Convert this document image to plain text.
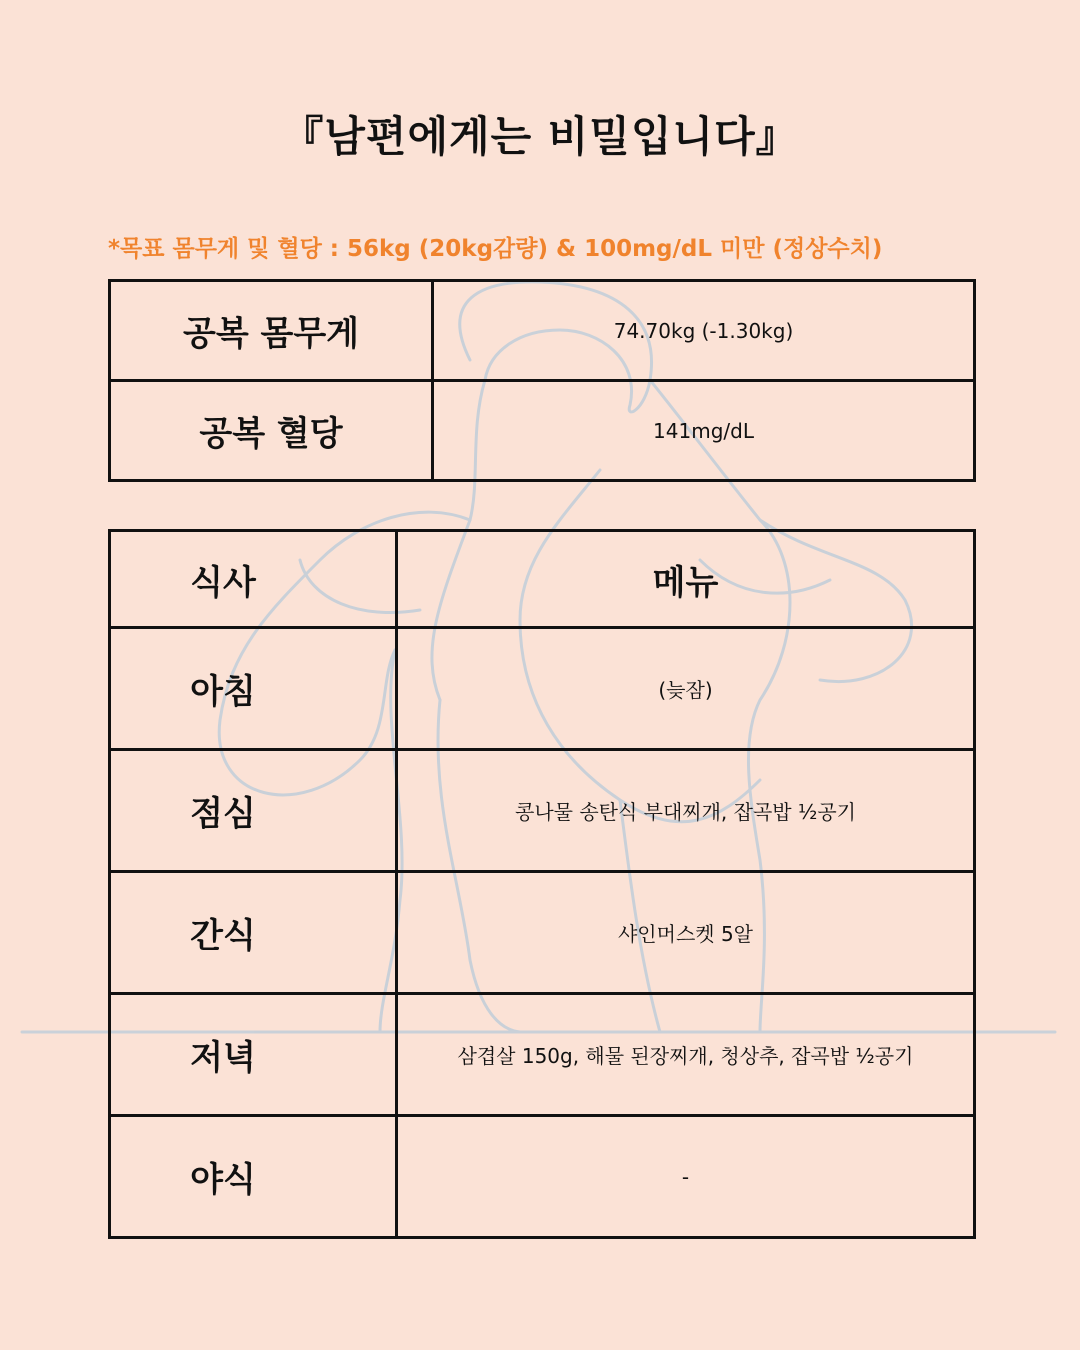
『남편에게는 비밀입니다』
*목표 몸무게 및 혈당 : 56kg (20kg감량) & 100mg/dL 미만 (정상수치)
공복 몸무게	74.70kg (-1.30kg)
공복 혈당	141mg/dL
식사	메뉴
아침	(늦잠)
점심	콩나물 송탄식 부대찌개, 잡곡밥 ½공기
간식	샤인머스켓 5알
저녁	삼겹살 150g, 해물 된장찌개, 청상추, 잡곡밥 ½공기
야식	-
